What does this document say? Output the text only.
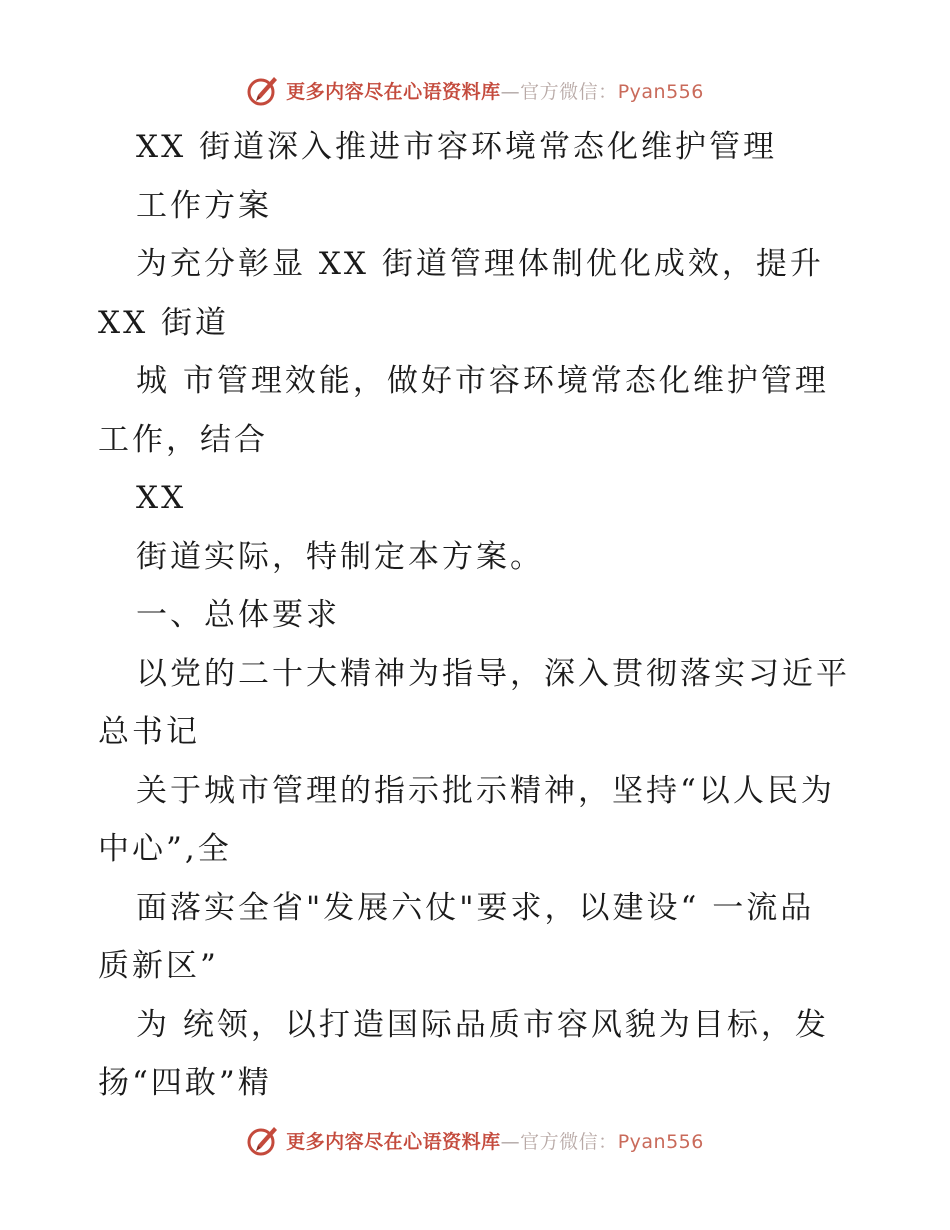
更多内容尽在心语资料库—官方微信：Pyan556
XX 街道深入推进市容环境常态化维护管理
工作方案
为充分彰显 XX 街道管理体制优化成效，提升
XX 街道
城 市管理效能，做好市容环境常态化维护管理
工作，结合
XX
街道实际，特制定本方案。
一、总体要求
以党的二十大精神为指导，深入贯彻落实习近平
总书记
关于城市管理的指示批示精神，坚持“以人民为
中心”,全
面落实全省"发展六仗"要求，以建设“ 一流品
质新区”
为 统领，以打造国际品质市容风貌为目标，发
扬“四敢”精
更多内容尽在心语资料库—官方微信：Pyan556
